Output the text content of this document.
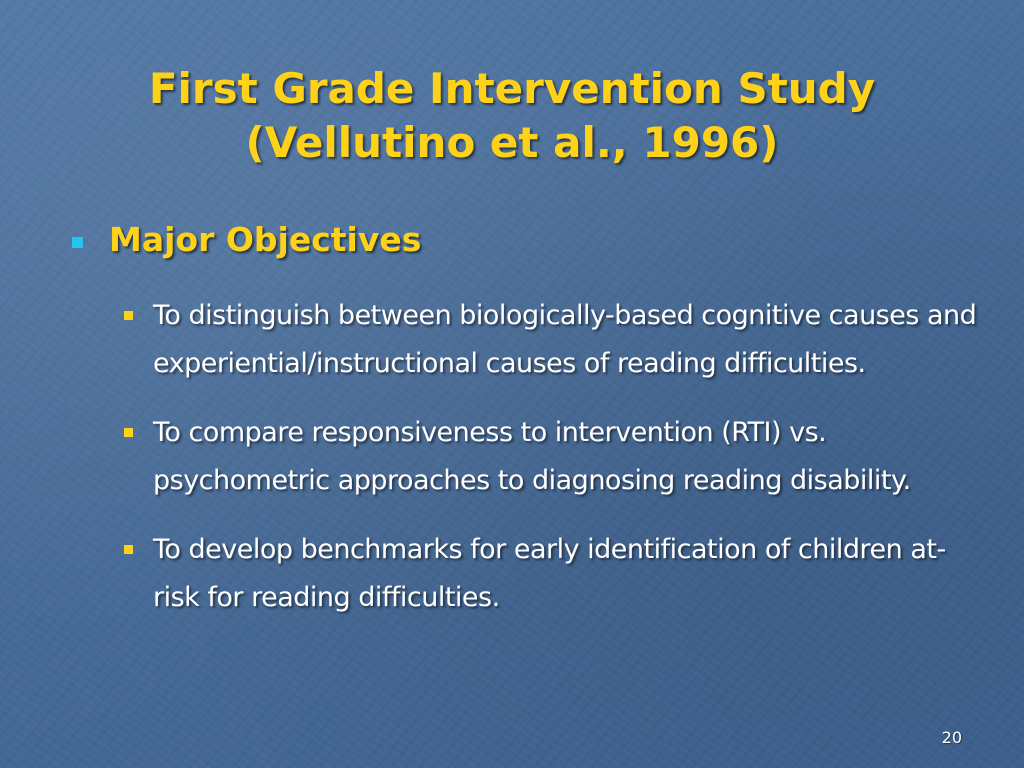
First Grade Intervention Study
(Vellutino et al., 1996)
Major Objectives
To distinguish between biologically-based cognitive causes and experiential/instructional causes of reading difficulties.
To compare responsiveness to intervention (RTI) vs. psychometric approaches to diagnosing reading disability.
To develop benchmarks for early identification of children at-risk for reading difficulties.
20
